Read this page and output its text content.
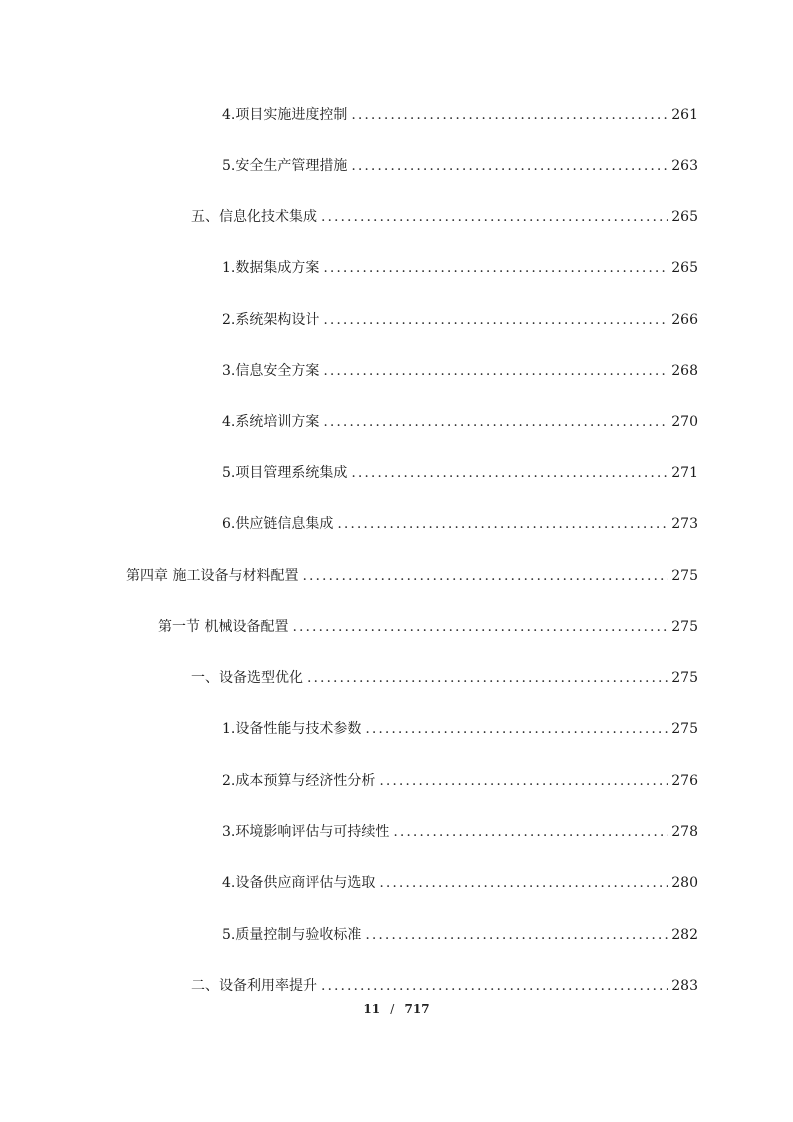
4.项目实施进度控制 . . .	261
5.安全生产管理措施 . . .	263
五、信息化技术集成 . . .	265
1.数据集成方案 . . .	265
2.系统架构设计 . . .	266
3.信息安全方案 . . .	268
4.系统培训方案 . . .	270
5.项目管理系统集成 . . .	271
6.供应链信息集成 . . .	273
第四章 施工设备与材料配置 . . .	275
第一节 机械设备配置 . . .	275
一、设备选型优化 . . .	275
1.设备性能与技术参数 . . .	275
2.成本预算与经济性分析 . . .	276
3.环境影响评估与可持续性 . . .	278
4.设备供应商评估与选取 . . .	280
5.质量控制与验收标准 . . .	282
二、设备利用率提升 . . .	283
11 / 717
